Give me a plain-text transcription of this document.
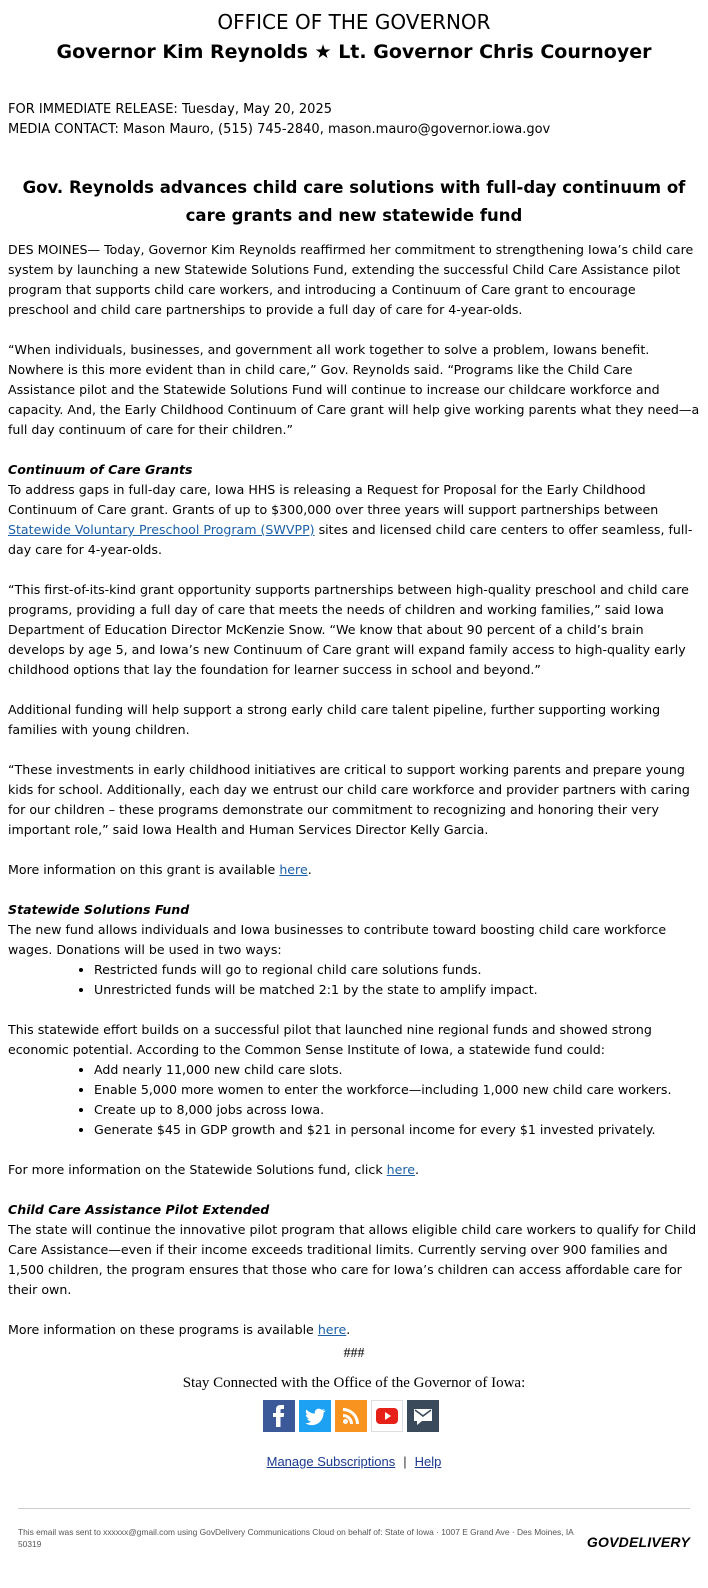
OFFICE OF THE GOVERNOR
Governor Kim Reynolds ★ Lt. Governor Chris Cournoyer
FOR IMMEDIATE RELEASE: Tuesday, May 20, 2025
MEDIA CONTACT: Mason Mauro, (515) 745-2840, mason.mauro@governor.iowa.gov
Gov. Reynolds advances child care solutions with full-day continuum of care grants and new statewide fund

DES MOINES— Today, Governor Kim Reynolds reaffirmed her commitment to strengthening Iowa’s child care system by launching a new Statewide Solutions Fund, extending the successful Child Care Assistance pilot program that supports child care workers, and introducing a Continuum of Care grant to encourage preschool and child care partnerships to provide a full day of care for 4-year-olds.

“When individuals, businesses, and government all work together to solve a problem, Iowans benefit. Nowhere is this more evident than in child care,” Gov. Reynolds said. “Programs like the Child Care Assistance pilot and the Statewide Solutions Fund will continue to increase our childcare workforce and capacity. And, the Early Childhood Continuum of Care grant will help give working parents what they need—a full day continuum of care for their children.”

Continuum of Care Grants

To address gaps in full-day care, Iowa HHS is releasing a Request for Proposal for the Early Childhood Continuum of Care grant. Grants of up to $300,000 over three years will support partnerships between Statewide Voluntary Preschool Program (SWVPP) sites and licensed child care centers to offer seamless, full-day care for 4-year-olds.

“This first-of-its-kind grant opportunity supports partnerships between high-quality preschool and child care programs, providing a full day of care that meets the needs of children and working families,” said Iowa Department of Education Director McKenzie Snow. “We know that about 90 percent of a child’s brain develops by age 5, and Iowa’s new Continuum of Care grant will expand family access to high-quality early childhood options that lay the foundation for learner success in school and beyond.”

Additional funding will help support a strong early child care talent pipeline, further supporting working families with young children.

“These investments in early childhood initiatives are critical to support working parents and prepare young kids for school. Additionally, each day we entrust our child care workforce and provider partners with caring for our children – these programs demonstrate our commitment to recognizing and honoring their very important role,” said Iowa Health and Human Services Director Kelly Garcia.

More information on this grant is available here.

Statewide Solutions Fund
The new fund allows individuals and Iowa businesses to contribute toward boosting child care workforce wages. Donations will be used in two ways:
• Restricted funds will go to regional child care solutions funds.
• Unrestricted funds will be matched 2:1 by the state to amplify impact.
This statewide effort builds on a successful pilot that launched nine regional funds and showed strong economic potential. According to the Common Sense Institute of Iowa, a statewide fund could:
• Add nearly 11,000 new child care slots.
• Enable 5,000 more women to enter the workforce—including 1,000 new child care workers.
• Create up to 8,000 jobs across Iowa.
• Generate $45 in GDP growth and $21 in personal income for every $1 invested privately.

For more information on the Statewide Solutions fund, click here.

Child Care Assistance Pilot Extended

The state will continue the innovative pilot program that allows eligible child care workers to qualify for Child Care Assistance—even if their income exceeds traditional limits. Currently serving over 900 families and 1,500 children, the program ensures that those who care for Iowa’s children can access affordable care for their own.

More information on these programs is available here.

###
Stay Connected with the Office of the Governor of Iowa:
Manage Subscriptions | Help
This email was sent to xxxxxx@gmail.com using GovDelivery Communications Cloud on behalf of: State of Iowa · 1007 E Grand Ave · Des Moines, IA 50319	GOVDELIVERY
